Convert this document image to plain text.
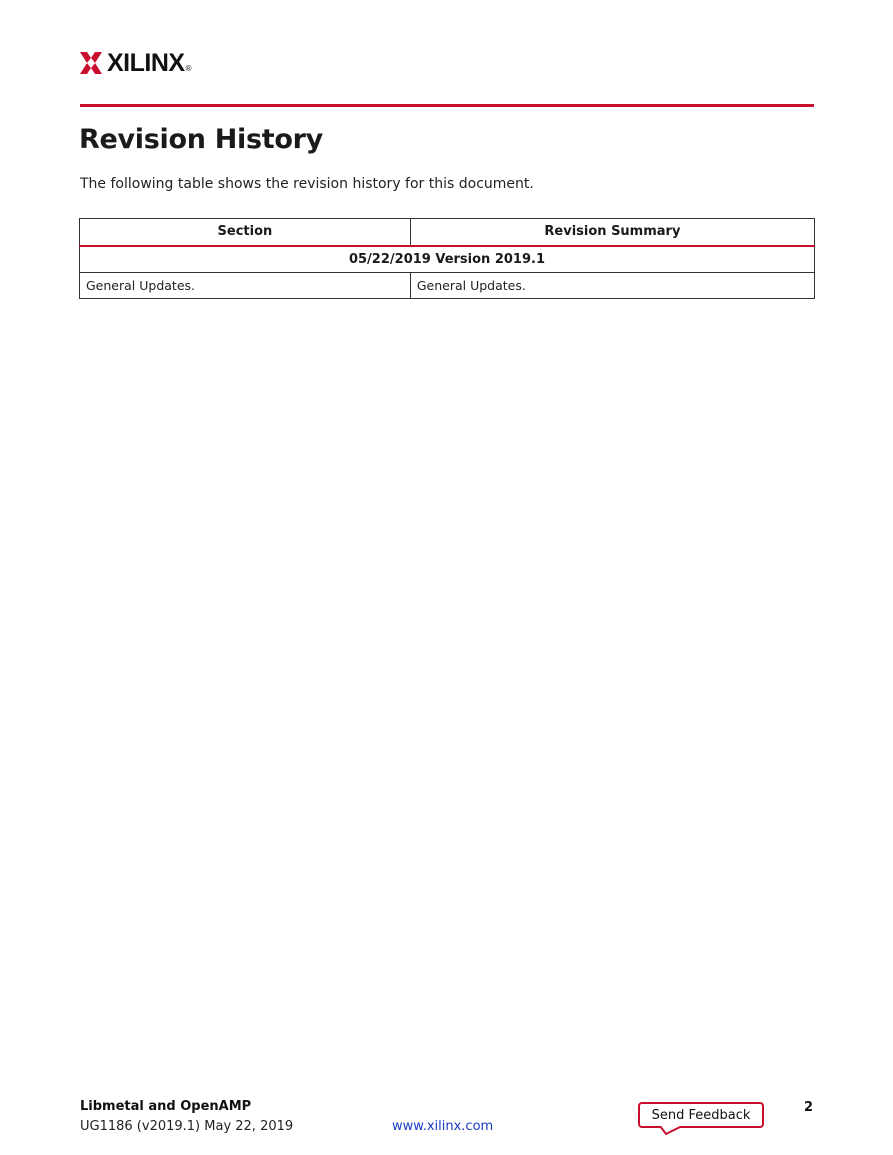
XILINX ®
Revision History

The following table shows the revision history for this document.

Section	Revision Summary
05/22/2019 Version 2019.1	
General Updates.	General Updates.
Libmetal and OpenAMP
UG1186 (v2019.1) May 22, 2019	www.xilinx.com
Send Feedback	2
